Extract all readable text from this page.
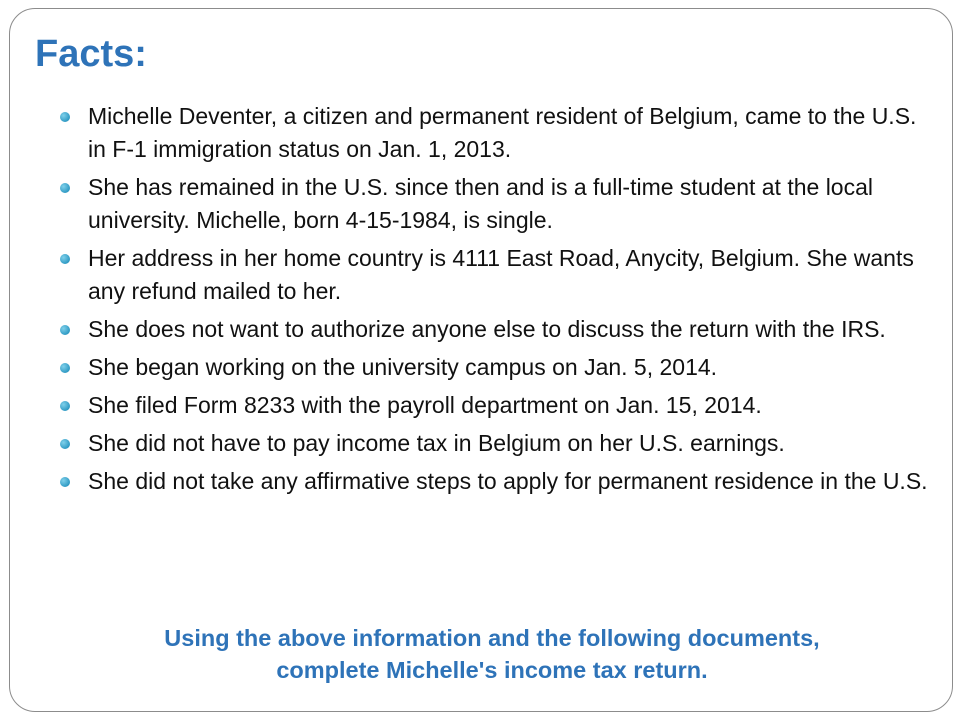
Facts:
Michelle Deventer, a citizen and permanent resident of Belgium, came to the U.S. in F-1 immigration status on Jan. 1, 2013.
She has remained in the U.S. since then and is a full-time student at the local university. Michelle, born 4-15-1984, is single.
Her address in her home country is 4111 East Road, Anycity, Belgium. She wants any refund mailed to her.
She does not want to authorize anyone else to discuss the return with the IRS.
She began working on the university campus on Jan. 5, 2014.
She filed Form 8233 with the payroll department on Jan. 15, 2014.
She did not have to pay income tax in Belgium on her U.S. earnings.
She did not take any affirmative steps to apply for permanent residence in the U.S.

Using the above information and the following documents,
complete Michelle's income tax return.
